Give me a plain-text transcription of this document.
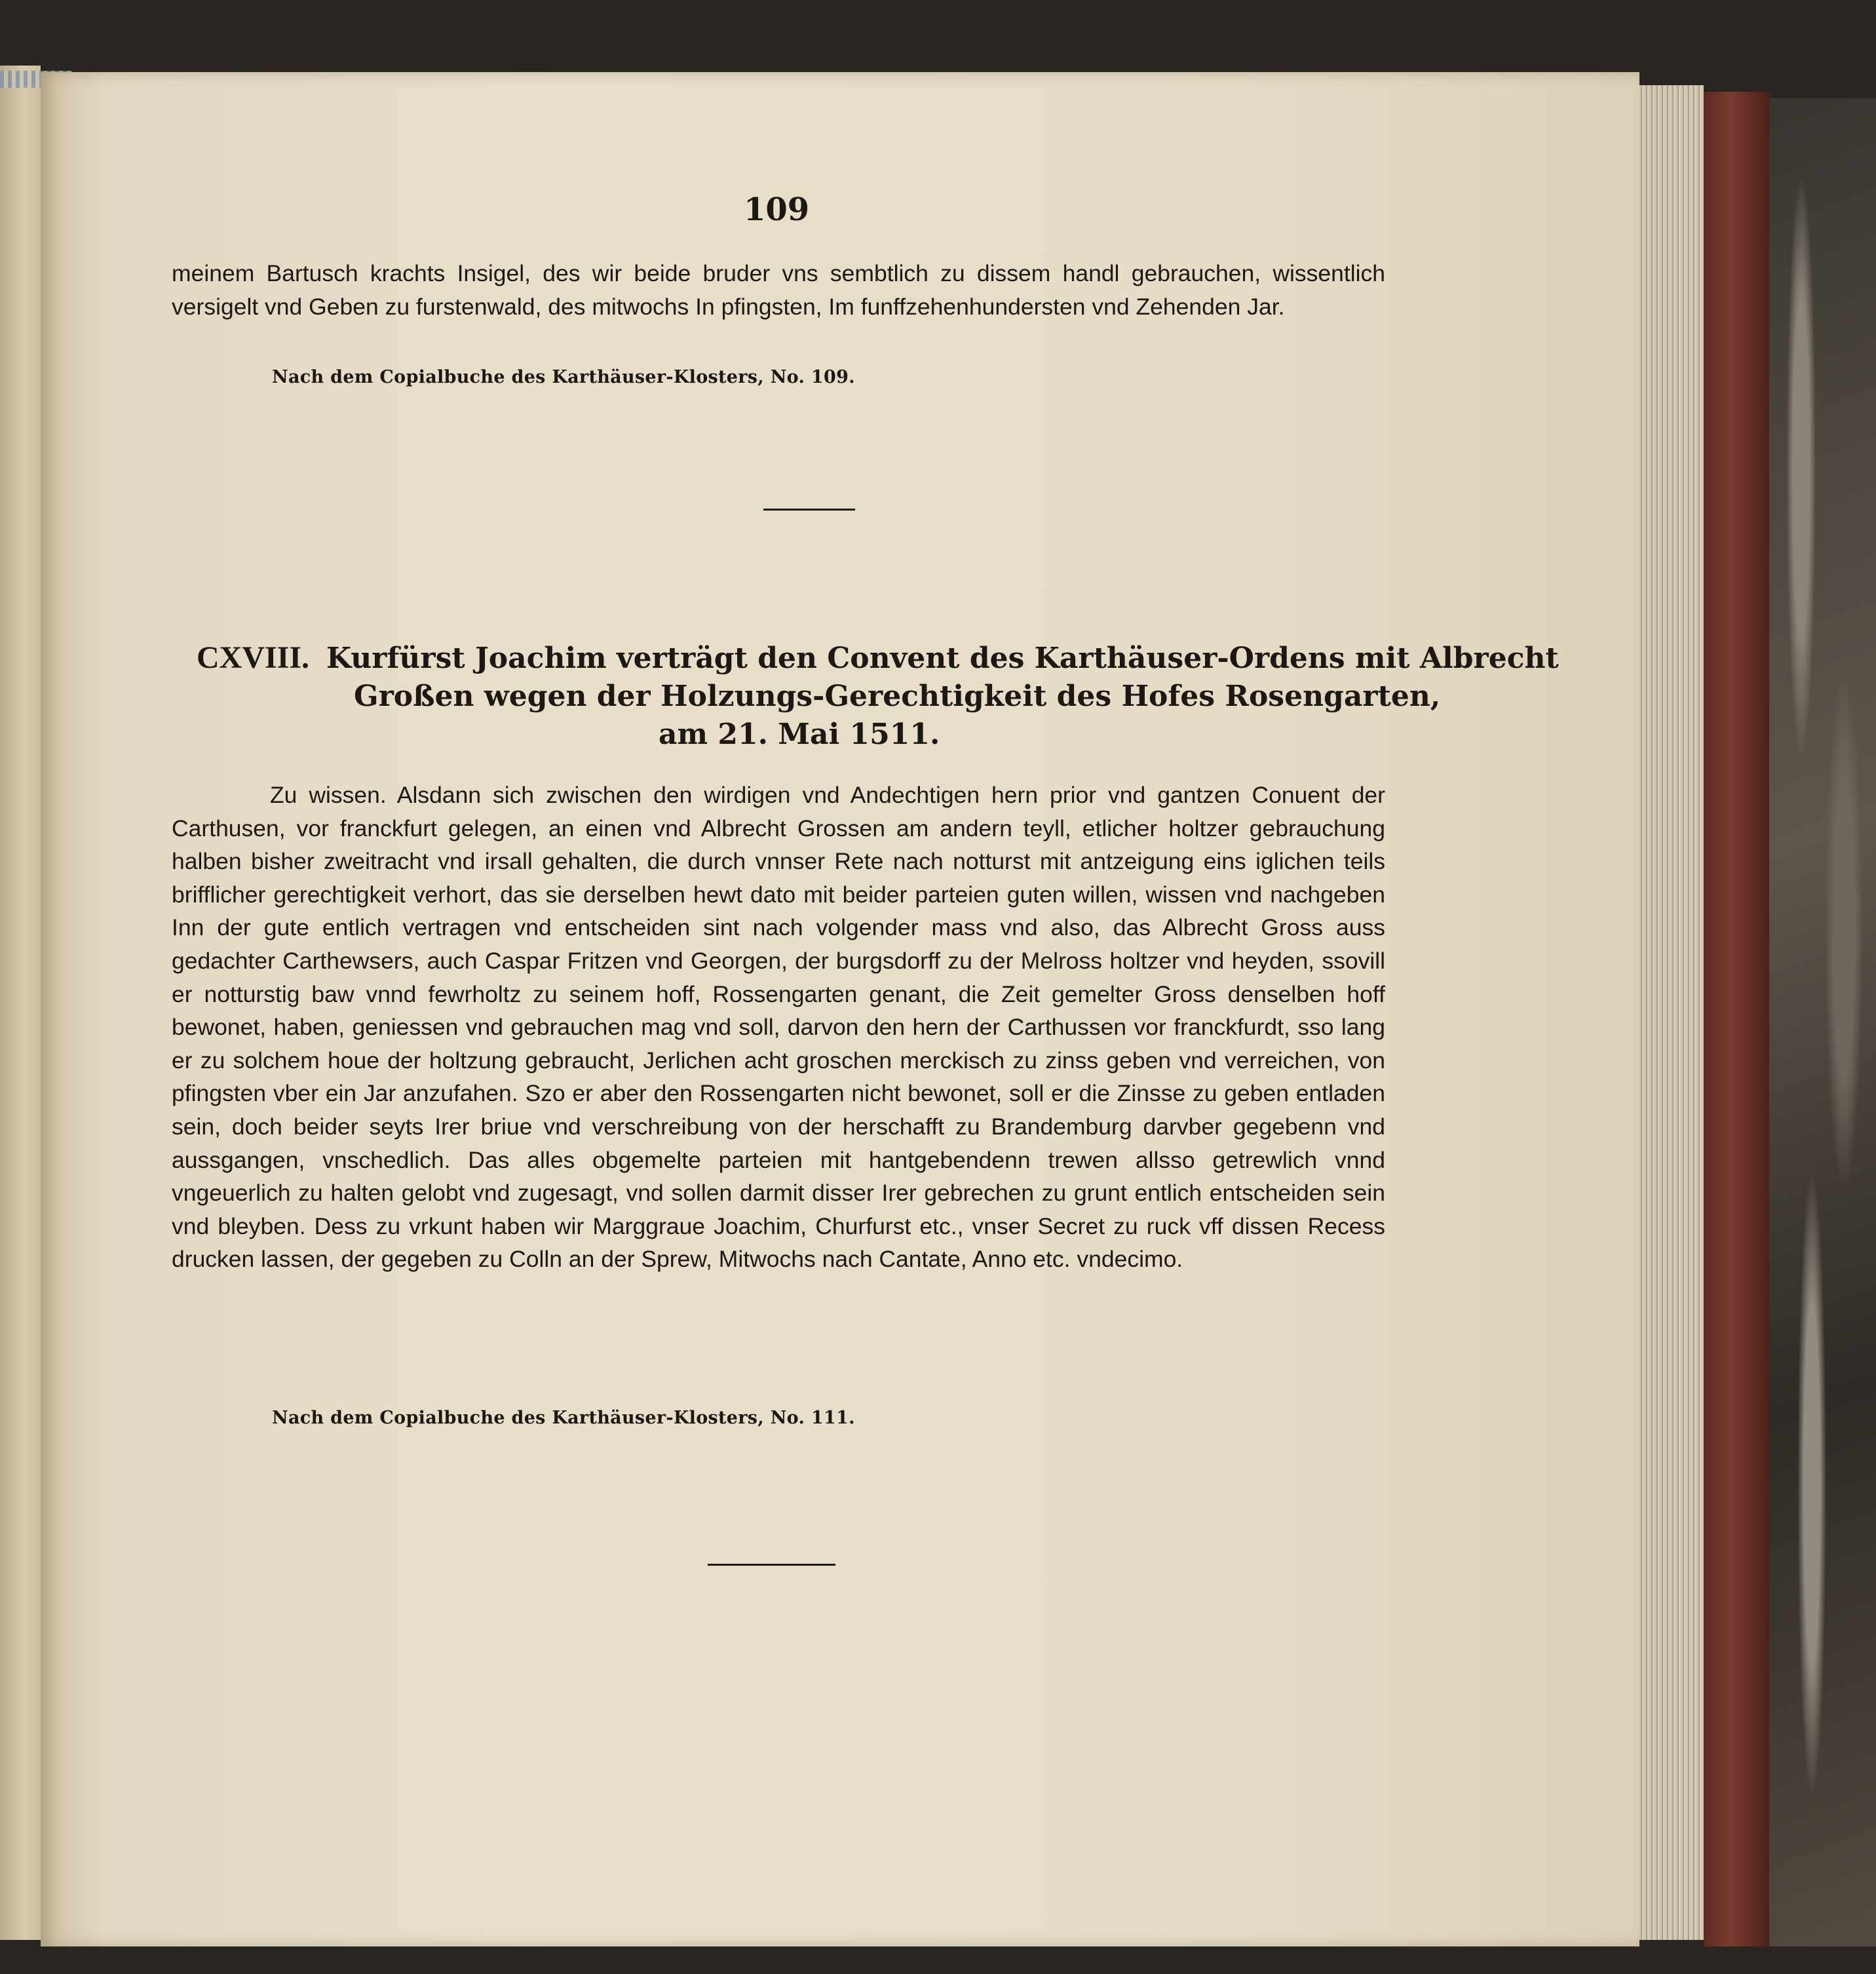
109
meinem Bartusch krachts Insigel, des wir beide bruder vns sembtlich zu dissem handl gebrauchen, wissentlich versigelt vnd Geben zu furstenwald, des mitwochs In pfingsten, Im funffzehenhundersten vnd Zehenden Jar.
Nach dem Copialbuche des Karthäuser-Klosters, No. 109.
CXVIII. Kurfürst Joachim verträgt den Convent des Karthäuser-Ordens mit Albrecht
Großen wegen der Holzungs-Gerechtigkeit des Hofes Rosengarten,
am 21. Mai 1511.
Zu wissen. Alsdann sich zwischen den wirdigen vnd Andechtigen hern prior vnd gantzen Conuent der Carthusen, vor franckfurt gelegen, an einen vnd Albrecht Grossen am andern teyll, etlicher holtzer gebrauchung halben bisher zweitracht vnd irsall gehalten, die durch vnnser Rete nach notturst mit antzeigung eins iglichen teils brifflicher gerechtigkeit verhort, das sie derselben hewt dato mit beider parteien guten willen, wissen vnd nachgeben Inn der gute entlich vertragen vnd entscheiden sint nach volgender mass vnd also, das Albrecht Gross auss gedachter Carthewsers, auch Caspar Fritzen vnd Georgen, der burgsdorff zu der Melross holtzer vnd heyden, ssovill er notturstig baw vnnd fewrholtz zu seinem hoff, Rossengarten genant, die Zeit gemelter Gross denselben hoff bewonet, haben, geniessen vnd gebrauchen mag vnd soll, darvon den hern der Carthussen vor franckfurdt, sso lang er zu solchem houe der holtzung gebraucht, Jerlichen acht groschen merckisch zu zinss geben vnd verreichen, von pfingsten vber ein Jar anzufahen. Szo er aber den Rossengarten nicht bewonet, soll er die Zinsse zu geben entladen sein, doch beider seyts Irer briue vnd verschreibung von der herschafft zu Brandemburg darvber gegebenn vnd aussgangen, vnschedlich. Das alles obgemelte parteien mit hantgebendenn trewen allsso getrewlich vnnd vngeuerlich zu halten gelobt vnd zugesagt, vnd sollen darmit disser Irer gebrechen zu grunt entlich entscheiden sein vnd bleyben. Dess zu vrkunt haben wir Marggraue Joachim, Churfurst etc., vnser Secret zu ruck vff dissen Recess drucken lassen, der gegeben zu Colln an der Sprew, Mitwochs nach Cantate, Anno etc. vndecimo.
Nach dem Copialbuche des Karthäuser-Klosters, No. 111.
